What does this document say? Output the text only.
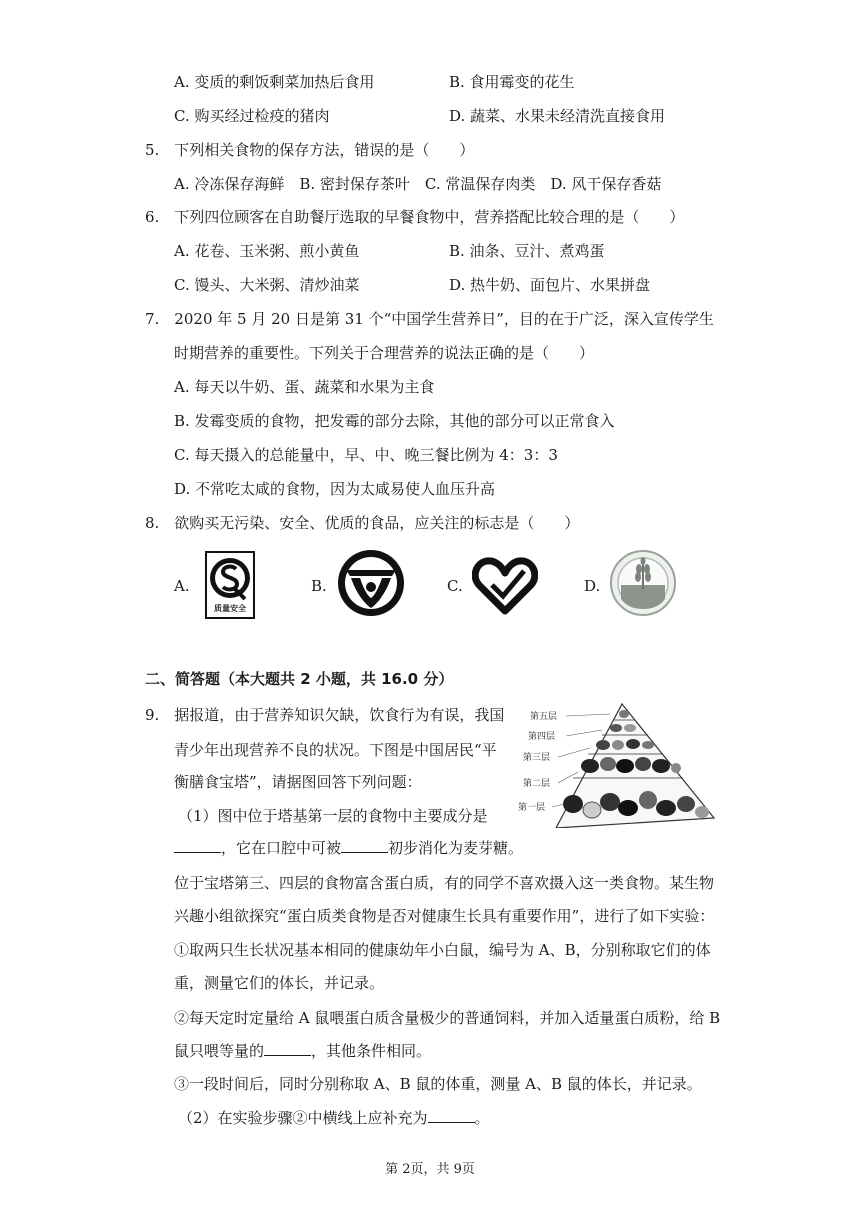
A. 变质的剩饭剩菜加热后食用	B. 食用霉变的花生
C. 购买经过检疫的猪肉	D. 蔬菜、水果未经清洗直接食用
5.　下列相关食物的保存方法，错误的是（　　）
A. 冷冻保存海鲜　B. 密封保存茶叶　C. 常温保存肉类　D. 风干保存香菇
6.　下列四位顾客在自助餐厅选取的早餐食物中，营养搭配比较合理的是（　　）
A. 花卷、玉米粥、煎小黄鱼	B. 油条、豆汁、煮鸡蛋
C. 馒头、大米粥、清炒油菜	D. 热牛奶、面包片、水果拼盘
7.　2020 年 5 月 20 日是第 31 个“中国学生营养日”，目的在于广泛，深入宣传学生
时期营养的重要性。下列关于合理营养的说法正确的是（　　）
A. 每天以牛奶、蛋、蔬菜和水果为主食
B. 发霉变质的食物，把发霉的部分去除，其他的部分可以正常食入
C. 每天摄入的总能量中，早、中、晚三餐比例为 4：3：3
D. 不常吃太咸的食物，因为太咸易使人血压升高
8.　欲购买无污染、安全、优质的食品，应关注的标志是（　　）
A.
质量安全
B.	C.	D.
二、简答题（本大题共 2 小题，共 16.0 分）
9.　据报道，由于营养知识欠缺，饮食行为有误，我国
青少年出现营养不良的状况。下图是中国居民“平
衡膳食宝塔”，请据图回答下列问题：
（1）图中位于塔基第一层的食物中主要成分是
，它在口腔中可被	初步消化为麦芽糖。
位于宝塔第三、四层的食物富含蛋白质，有的同学不喜欢摄入这一类食物。某生物
兴趣小组欲探究“蛋白质类食物是否对健康生长具有重要作用”，进行了如下实验：
①取两只生长状况基本相同的健康幼年小白鼠，编号为 A、B，分别称取它们的体
重，测量它们的体长，并记录。
②每天定时定量给 A 鼠喂蛋白质含量极少的普通饲料，并加入适量蛋白质粉，给 B
鼠只喂等量的	，其他条件相同。
③一段时间后，同时分别称取 A、B 鼠的体重，测量 A、B 鼠的体长，并记录。
（2）在实验步骤②中横线上应补充为	。
第五层
第四层
第三层
第二层
第一层
第 2页，共 9页
